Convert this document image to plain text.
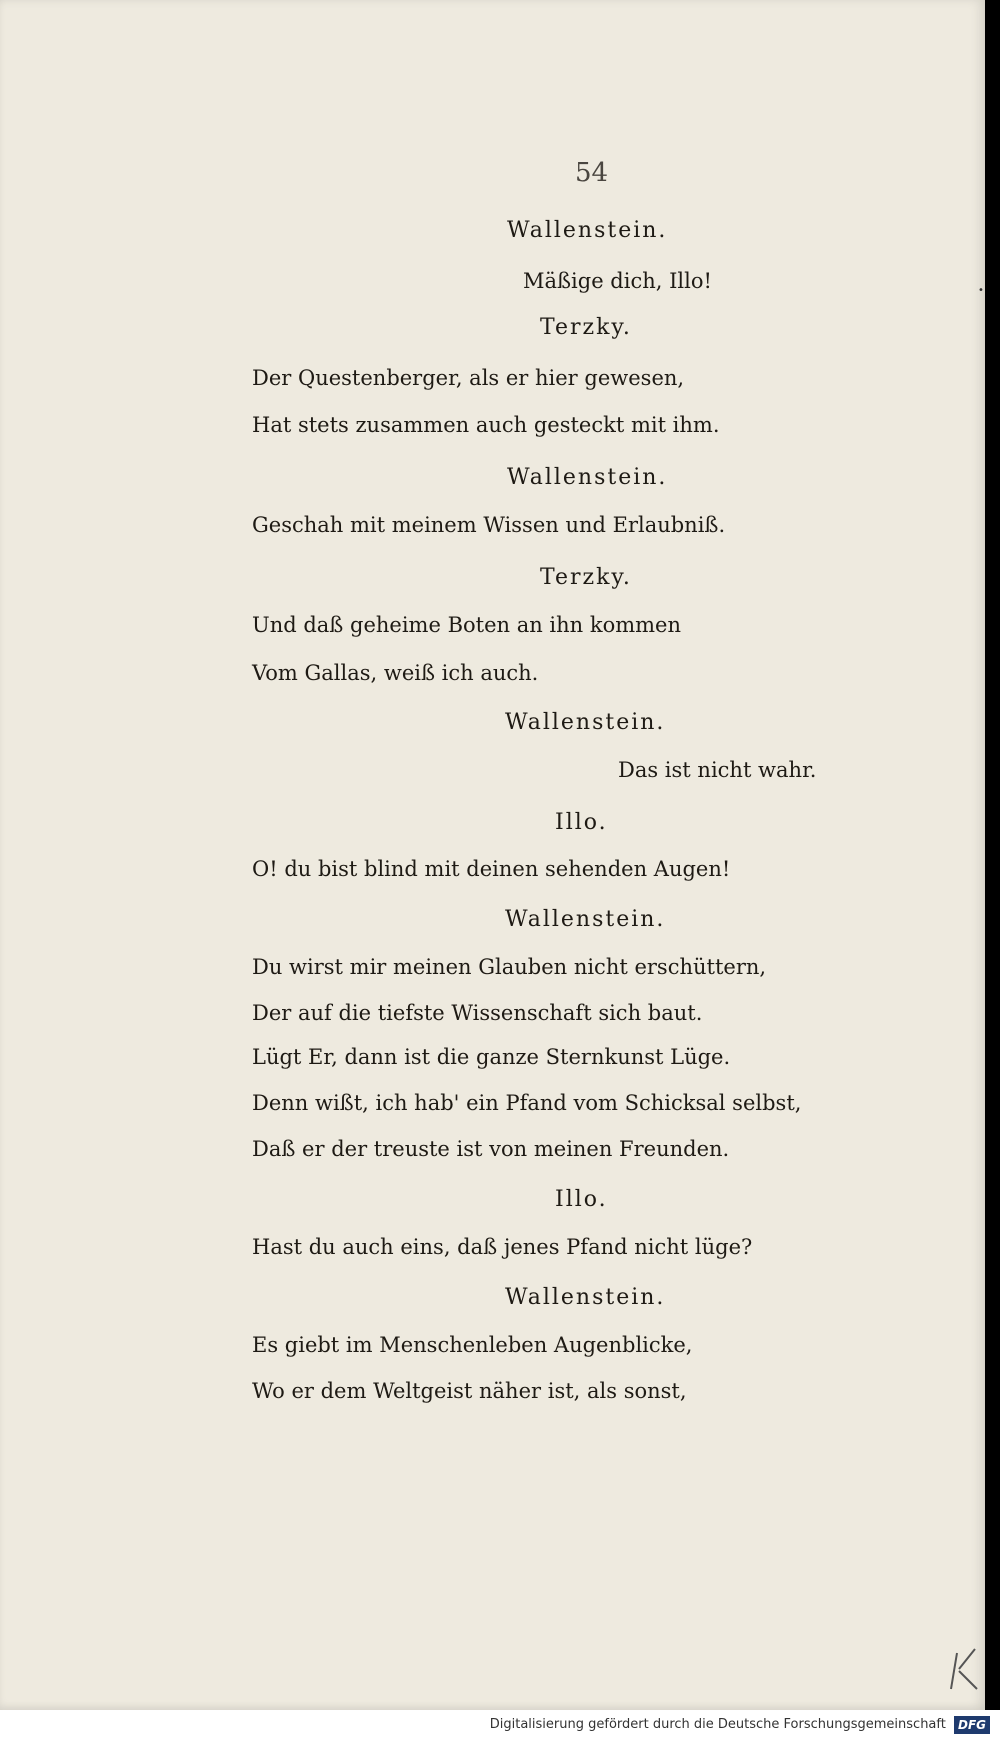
54
Wallenstein.
Mäßige dich, Illo!
Terzky.
Der Questenberger, als er hier gewesen,
Hat stets zusammen auch gesteckt mit ihm.
Wallenstein.
Geschah mit meinem Wissen und Erlaubniß.
Terzky.
Und daß geheime Boten an ihn kommen
Vom Gallas, weiß ich auch.
Wallenstein.
Das ist nicht wahr.
Illo.
O! du bist blind mit deinen sehenden Augen!
Wallenstein.
Du wirst mir meinen Glauben nicht erschüttern,
Der auf die tiefste Wissenschaft sich baut.
Lügt Er, dann ist die ganze Sternkunst Lüge.
Denn wißt, ich hab' ein Pfand vom Schicksal selbst,
Daß er der treuste ist von meinen Freunden.
Illo.
Hast du auch eins, daß jenes Pfand nicht lüge?
Wallenstein.
Es giebt im Menschenleben Augenblicke,
Wo er dem Weltgeist näher ist, als sonst,
•
Digitalisierung gefördert durch die Deutsche Forschungsgemeinschaft DFG
